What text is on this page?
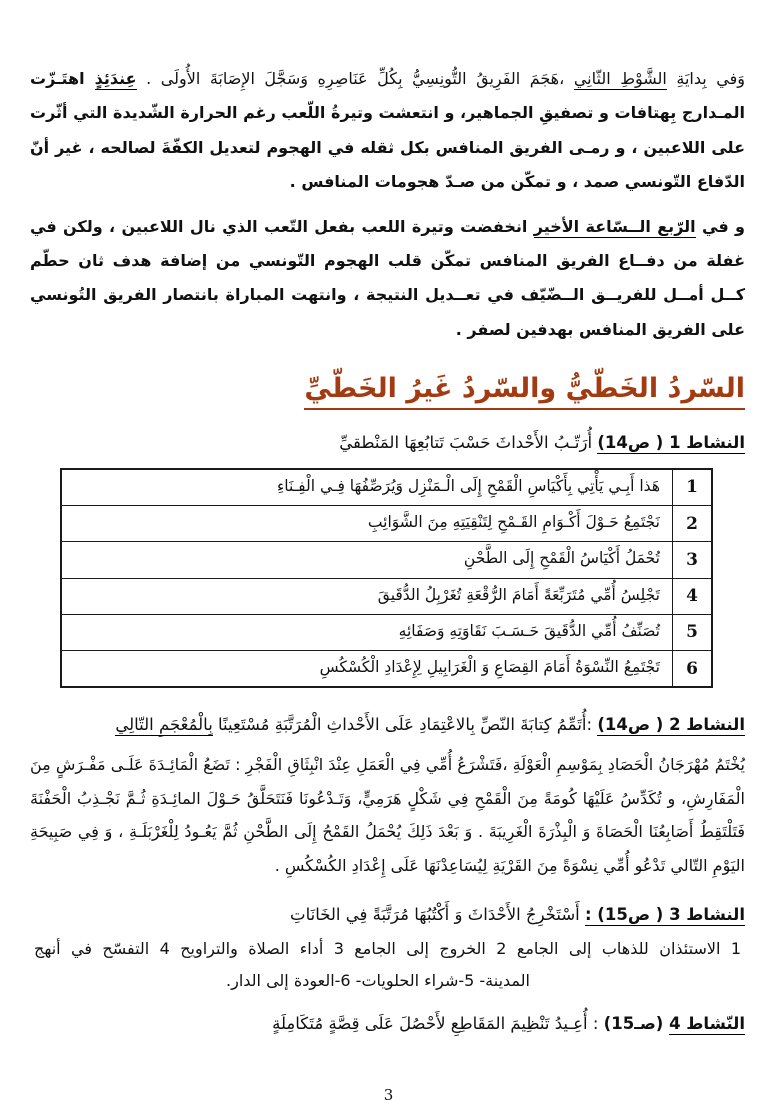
وَفي بِدايَةِ الشَّوْطِ الثّانِي ،هَجَمَ الفَرِيقُ التُّونِسِيُّ بِكُلِّ عَنَاصِرِهِ وَسَجَّلَ الإِصَابَةَ الأُولَى . عِندَئِذٍ اهتَـزّت المـدارج بِهتافات و تصفيقِ الجماهير، و انتعشت وتيرةُ اللّعب رغم الحرارة الشّديدة التي أثّرت على اللاعبين ، و رمـى الفريق المنافس بكل ثقله في الهجوم لتعديل الكفّةَ لصالحه ، غير أنّ الدّفاع التّونسي صمد ، و تمكّن من صـدّ هجومات المنافس .

و في الرّبع الــسّاعة الأخير انخفضت وتيرة اللعب بفعل التّعب الذي نال اللاعبين ، ولكن في غفلة من دفــاع الفريق المنافس تمكّن قلب الهجوم التّونسي من إضافة هدف ثان حطّم كــل أمــل للفريــق الــضّيّف في تعــديل النتيجة ، وانتهت المباراة بانتصار الفريق التُونسي على الفريق المنافس بهدفين لصفر .

السّردُ الخَطّيُّ والسّردُ غَيرُ الخَطّيِّ
النشاط 1 ( ص14) أُرَتّـبُ الأَحْداثَ حَسْبَ تَتابُعِهَا المَنْطقيِّ
1
هَذا أَبِـي يَأْتِي بِأَكْيَاسِ الْقَمْحِ إِلَى الْـمَنْزِل وَيُرَصِّفُهَا فِـي الْفِـنَاءِ
2
نَجْتَمِعُ حَـوْلَ أَكْـوَامِ القَـمْحِ لِتَنْقِيَتِهِ مِنَ الشَّوَائِبِ
3
تُحْمَلُ أَكْيَاسُ الْقَمْحِ إِلَى الطَّحْنِ
4
تَجْلِسُ أُمِّي مُتَرَبِّعَةً أَمَامَ الرُّقْعَةِ تُغَرْبِلُ الدُّقَيقَ
5
تُصَنِّفُ أُمِّي الدُّقَيقَ حَـسَـبَ نَقَاوَتِهِ وَصَفَائِهِ
6
تَجْتَمِعُ النِّسْوَةُ أَمَامَ القِصَاعِ وَ الْغَرَابِيلِ لِإِعْدَادِ الْكُسْكُسِ
النشاط 2 ( ص14) :أُتَمِّمُ كِتابَةَ النّصِّ بِالاعْتِمَادِ عَلَى الأَحْداثِ الْمُرَتَّبَةِ مُسْتَعِينًا بِالْمُعْجَمِ التّالِي

يُخْتَمُ مُهْرَجَانُ الْحَصَادِ بِمَوْسِمِ الْعَوْلَةِ ،فَتَشْرَعُ أُمِّي فِي الْعَمَلِ عِنْدَ انْبِثَاقِ الْفَجْرِ : تَضَعُ الْمَائِـدَةَ عَلَـى مَفْـرَشٍ مِنَ الْمَفَارِشِ، و تُكَدِّسُ عَلَيْهَا كُومَةً مِنَ الْقَمْحِ فِي شَكْلٍ هَرَمِيٍّ، وَتَـدْعُونَا فَنَتَحَلَّقُ حَـوْلَ المائِـدَةِ ثُـمَّ نَجْـذِبُ الْحَفْنَةَ فَتَلْتَقِطُ أَصَابِعُنَا الْحَصَاةَ وَ الْبِذْرَةَ الْغَرِيبَةَ . وَ بَعْدَ ذَلِكَ يُحْمَلُ القَمْحُ إِلَى الطَّحْنِ ثُمَّ يَعُـودُ لِلْغَرْبَلَـةِ ، وَ فِي صَبِيحَةِ اليَوْمِ التّالي تَدْعُو أُمِّي نِسْوَةً مِنَ القَرْيَةِ لِيُسَاعِدْنَهَا عَلَى إِعْدَادِ الكُسْكُسِ .

النشاط 3 ( ص15) : أَسْتَخْرِجُ الأَحْدَاثَ وَ أَكْتُبُهَا مُرَتَّبَةً فِي الخَانَاتِ
1 الاستئذان للذهاب إلى الجامع 2 الخروج إلى الجامع 3 أداء الصلاة والتراويح 4 التفسّح في أنهج
المدينة- 5-شراء الحلويات- 6-العودة إلى الدار.
النّشاط 4 (صـ15) : أُعِـيدُ تَنْظِيمَ المَقَاطِعِ لأَحْصُلَ عَلَى قِصَّةٍ مُتَكَامِلَةٍ
3
